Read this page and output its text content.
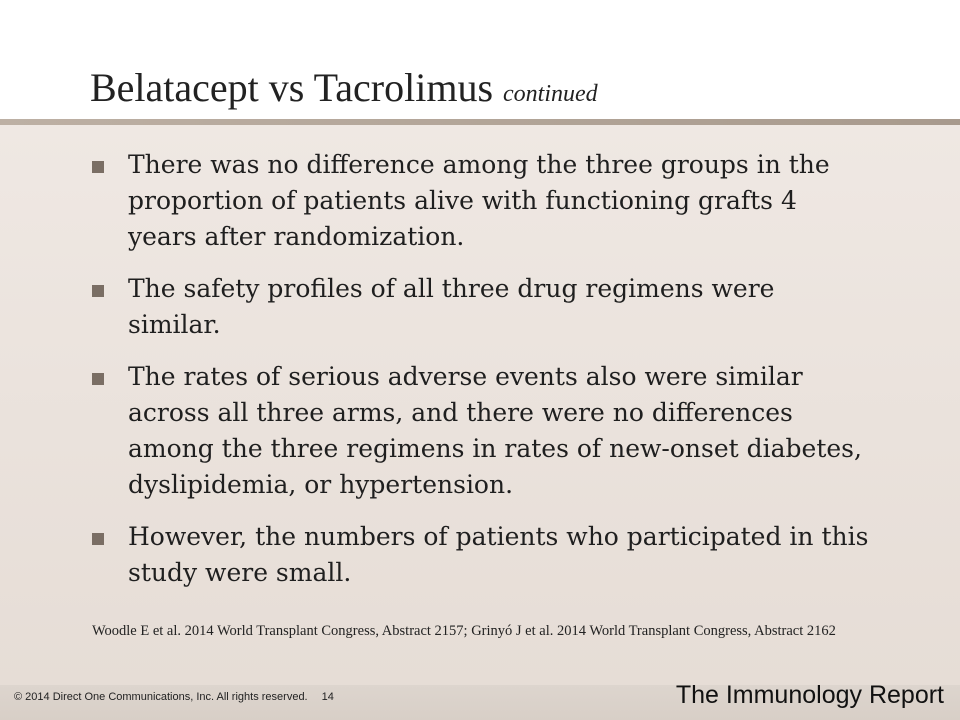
Belatacept vs Tacrolimus continued
There was no difference among the three groups in the proportion of patients alive with functioning grafts 4 years after randomization.
The safety profiles of all three drug regimens were similar.
The rates of serious adverse events also were similar across all three arms, and there were no differences among the three regimens in rates of new-onset diabetes, dyslipidemia, or hypertension.
However, the numbers of patients who participated in this study were small.

Woodle E et al. 2014 World Transplant Congress, Abstract 2157; Grinyó J et al. 2014 World Transplant Congress, Abstract 2162

© 2014 Direct One Communications, Inc. All rights reserved. 14	The Immunology Report
